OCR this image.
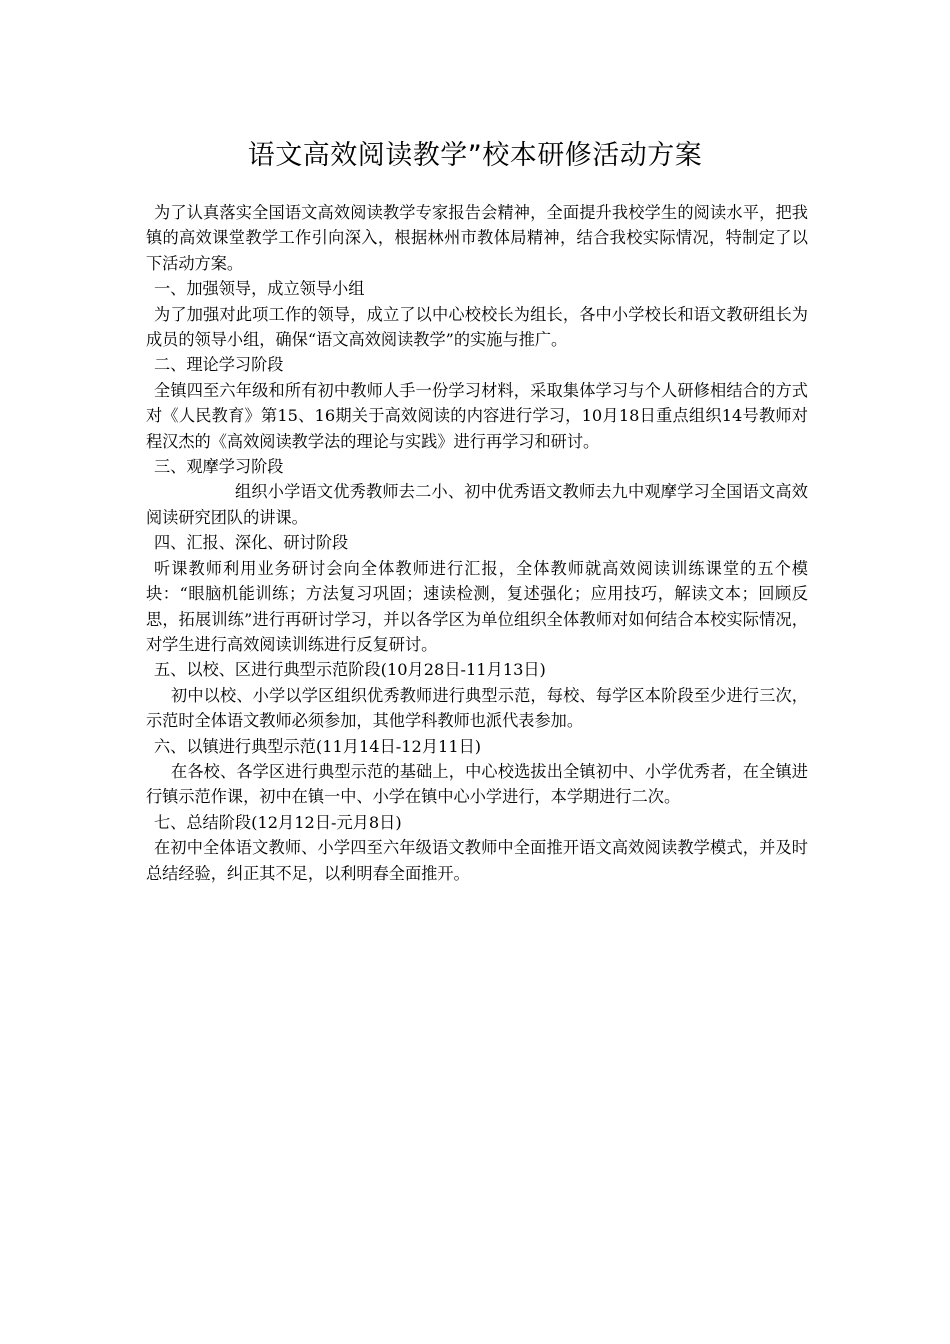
语文高效阅读教学”校本研修活动方案

为了认真落实全国语文高效阅读教学专家报告会精神，全面提升我校学生的阅读水平，把我镇的高效课堂教学工作引向深入，根据林州市教体局精神，结合我校实际情况，特制定了以下活动方案。

一、加强领导，成立领导小组

为了加强对此项工作的领导，成立了以中心校校长为组长，各中小学校长和语文教研组长为成员的领导小组，确保“语文高效阅读教学”的实施与推广。

二、理论学习阶段

全镇四至六年级和所有初中教师人手一份学习材料，采取集体学习与个人研修相结合的方式对《人民教育》第15、16期关于高效阅读的内容进行学习，10月18日重点组织14号教师对程汉杰的《高效阅读教学法的理论与实践》进行再学习和研讨。

三、观摩学习阶段

组织小学语文优秀教师去二小、初中优秀语文教师去九中观摩学习全国语文高效阅读研究团队的讲课。

四、汇报、深化、研讨阶段

听课教师利用业务研讨会向全体教师进行汇报，全体教师就高效阅读训练课堂的五个模块：“眼脑机能训练；方法复习巩固；速读检测，复述强化；应用技巧，解读文本；回顾反思，拓展训练”进行再研讨学习，并以各学区为单位组织全体教师对如何结合本校实际情况，对学生进行高效阅读训练进行反复研讨。

五、以校、区进行典型示范阶段(10月28日-11月13日)

初中以校、小学以学区组织优秀教师进行典型示范，每校、每学区本阶段至少进行三次，示范时全体语文教师必须参加，其他学科教师也派代表参加。

六、以镇进行典型示范(11月14日-12月11日)

在各校、各学区进行典型示范的基础上，中心校选拔出全镇初中、小学优秀者，在全镇进行镇示范作课，初中在镇一中、小学在镇中心小学进行，本学期进行二次。

七、总结阶段(12月12日-元月8日)

在初中全体语文教师、小学四至六年级语文教师中全面推开语文高效阅读教学模式，并及时总结经验，纠正其不足，以利明春全面推开。
